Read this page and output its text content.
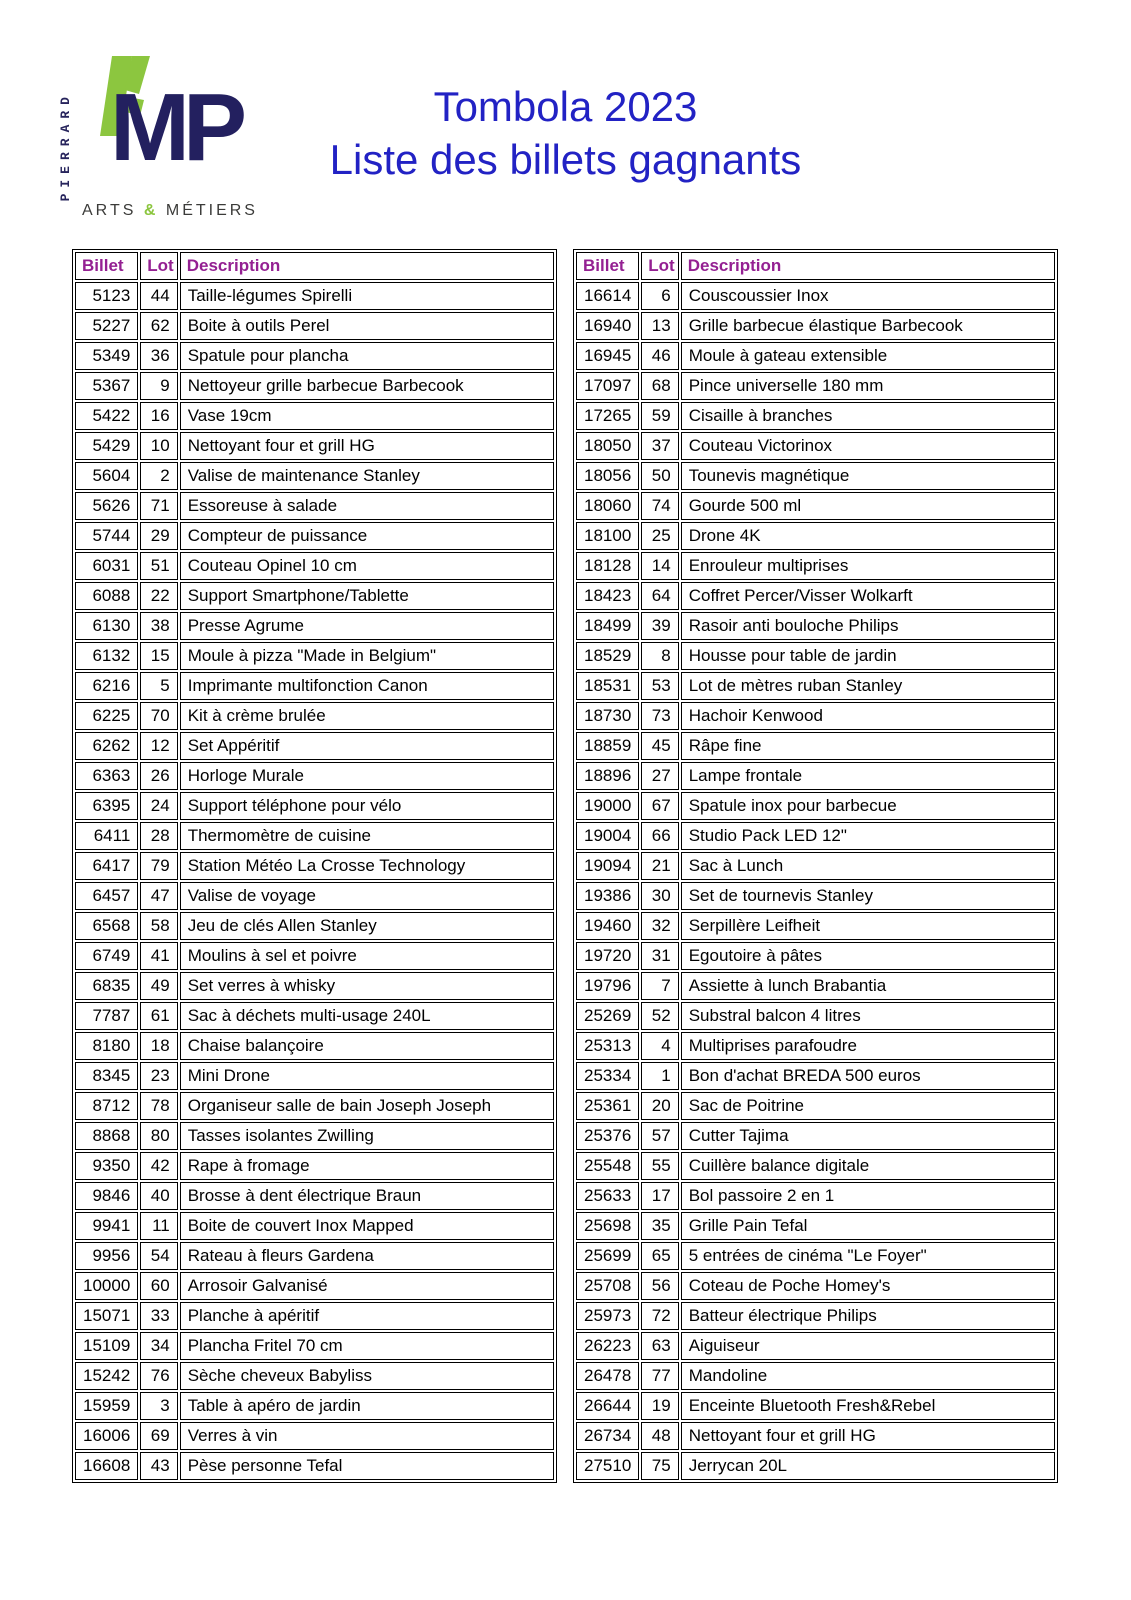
PIERRARD MP
ARTS & MÉTIERS
Tombola 2023
Liste des billets gagnants
Billet	Lot	Description
5123	44	Taille-légumes Spirelli
5227	62	Boite à outils Perel
5349	36	Spatule pour plancha
5367	9	Nettoyeur grille barbecue Barbecook
5422	16	Vase 19cm
5429	10	Nettoyant four et grill HG
5604	2	Valise de maintenance Stanley
5626	71	Essoreuse à salade
5744	29	Compteur de puissance
6031	51	Couteau Opinel 10 cm
6088	22	Support Smartphone/Tablette
6130	38	Presse Agrume
6132	15	Moule à pizza "Made in Belgium"
6216	5	Imprimante multifonction Canon
6225	70	Kit à crème brulée
6262	12	Set Appéritif
6363	26	Horloge Murale
6395	24	Support téléphone pour vélo
6411	28	Thermomètre de cuisine
6417	79	Station Météo La Crosse Technology
6457	47	Valise de voyage
6568	58	Jeu de clés Allen Stanley
6749	41	Moulins à sel et poivre
6835	49	Set verres à whisky
7787	61	Sac à déchets multi-usage 240L
8180	18	Chaise balançoire
8345	23	Mini Drone
8712	78	Organiseur salle de bain Joseph Joseph
8868	80	Tasses isolantes Zwilling
9350	42	Rape à fromage
9846	40	Brosse à dent électrique Braun
9941	11	Boite de couvert Inox Mapped
9956	54	Rateau à fleurs Gardena
10000	60	Arrosoir Galvanisé
15071	33	Planche à apéritif
15109	34	Plancha Fritel 70 cm
15242	76	Sèche cheveux Babyliss
15959	3	Table à apéro de jardin
16006	69	Verres à vin
16608	43	Pèse personne Tefal
Billet	Lot	Description
16614	6	Couscoussier Inox
16940	13	Grille barbecue élastique Barbecook
16945	46	Moule à gateau extensible
17097	68	Pince universelle 180 mm
17265	59	Cisaille à branches
18050	37	Couteau Victorinox
18056	50	Tounevis magnétique
18060	74	Gourde 500 ml
18100	25	Drone 4K
18128	14	Enrouleur multiprises
18423	64	Coffret Percer/Visser Wolkarft
18499	39	Rasoir anti bouloche Philips
18529	8	Housse pour table de jardin
18531	53	Lot de mètres ruban Stanley
18730	73	Hachoir Kenwood
18859	45	Râpe fine
18896	27	Lampe frontale
19000	67	Spatule inox pour barbecue
19004	66	Studio Pack LED 12"
19094	21	Sac à Lunch
19386	30	Set de tournevis Stanley
19460	32	Serpillère Leifheit
19720	31	Egoutoire à pâtes
19796	7	Assiette à lunch Brabantia
25269	52	Substral balcon 4 litres
25313	4	Multiprises parafoudre
25334	1	Bon d'achat BREDA 500 euros
25361	20	Sac de Poitrine
25376	57	Cutter Tajima
25548	55	Cuillère balance digitale
25633	17	Bol passoire 2 en 1
25698	35	Grille Pain Tefal
25699	65	5 entrées de cinéma "Le Foyer"
25708	56	Coteau de Poche Homey's
25973	72	Batteur électrique Philips
26223	63	Aiguiseur
26478	77	Mandoline
26644	19	Enceinte Bluetooth Fresh&Rebel
26734	48	Nettoyant four et grill HG
27510	75	Jerrycan 20L
